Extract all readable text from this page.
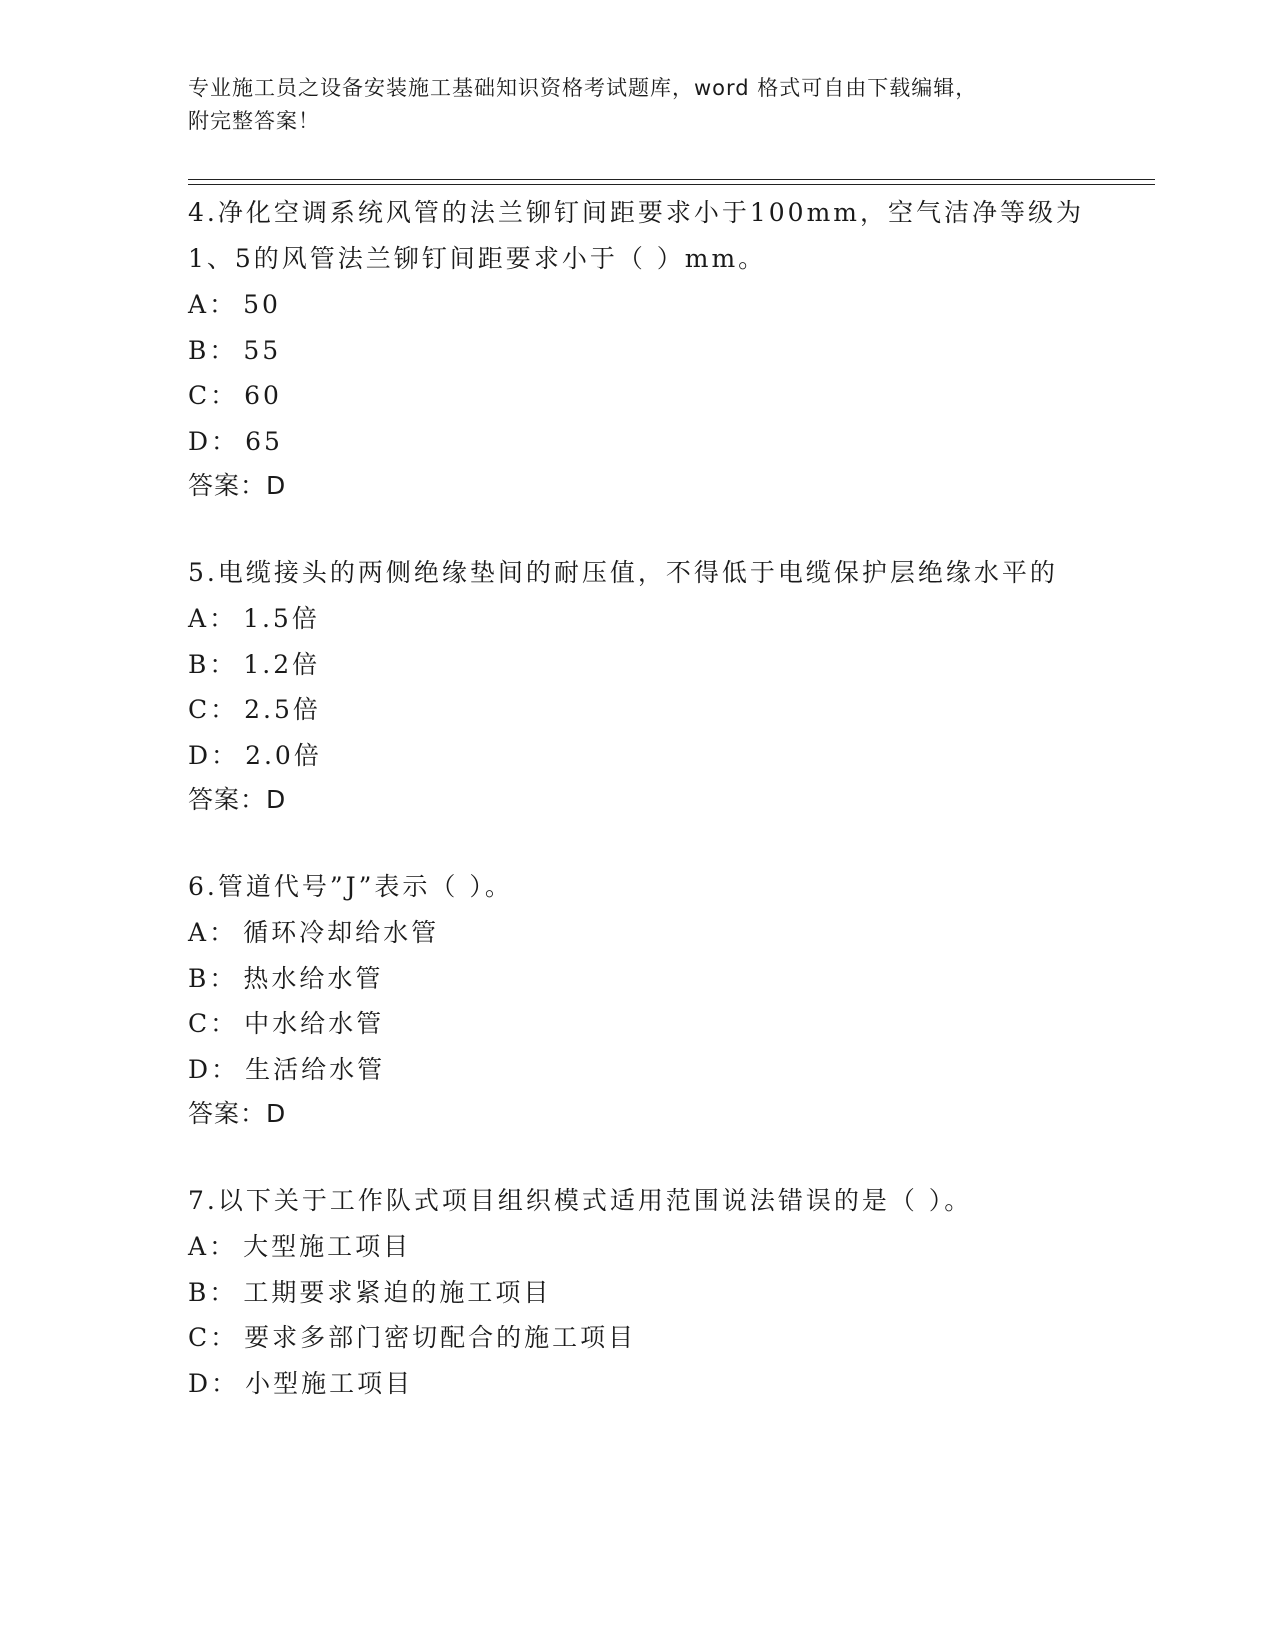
专业施工员之设备安装施工基础知识资格考试题库，word 格式可自由下载编辑，
附完整答案！
4.净化空调系统风管的法兰铆钉间距要求小于100mm，空气洁净等级为1、5的风管法兰铆钉间距要求小于（ ）mm。
A： 50
B： 55
C： 60
D： 65
答案：D
5.电缆接头的两侧绝缘垫间的耐压值，不得低于电缆保护层绝缘水平的
A： 1.5倍
B： 1.2倍
C： 2.5倍
D： 2.0倍
答案：D
6.管道代号”J”表示（ ）。
A： 循环冷却给水管
B： 热水给水管
C： 中水给水管
D： 生活给水管
答案：D
7.以下关于工作队式项目组织模式适用范围说法错误的是（ ）。
A： 大型施工项目
B： 工期要求紧迫的施工项目
C： 要求多部门密切配合的施工项目
D： 小型施工项目
